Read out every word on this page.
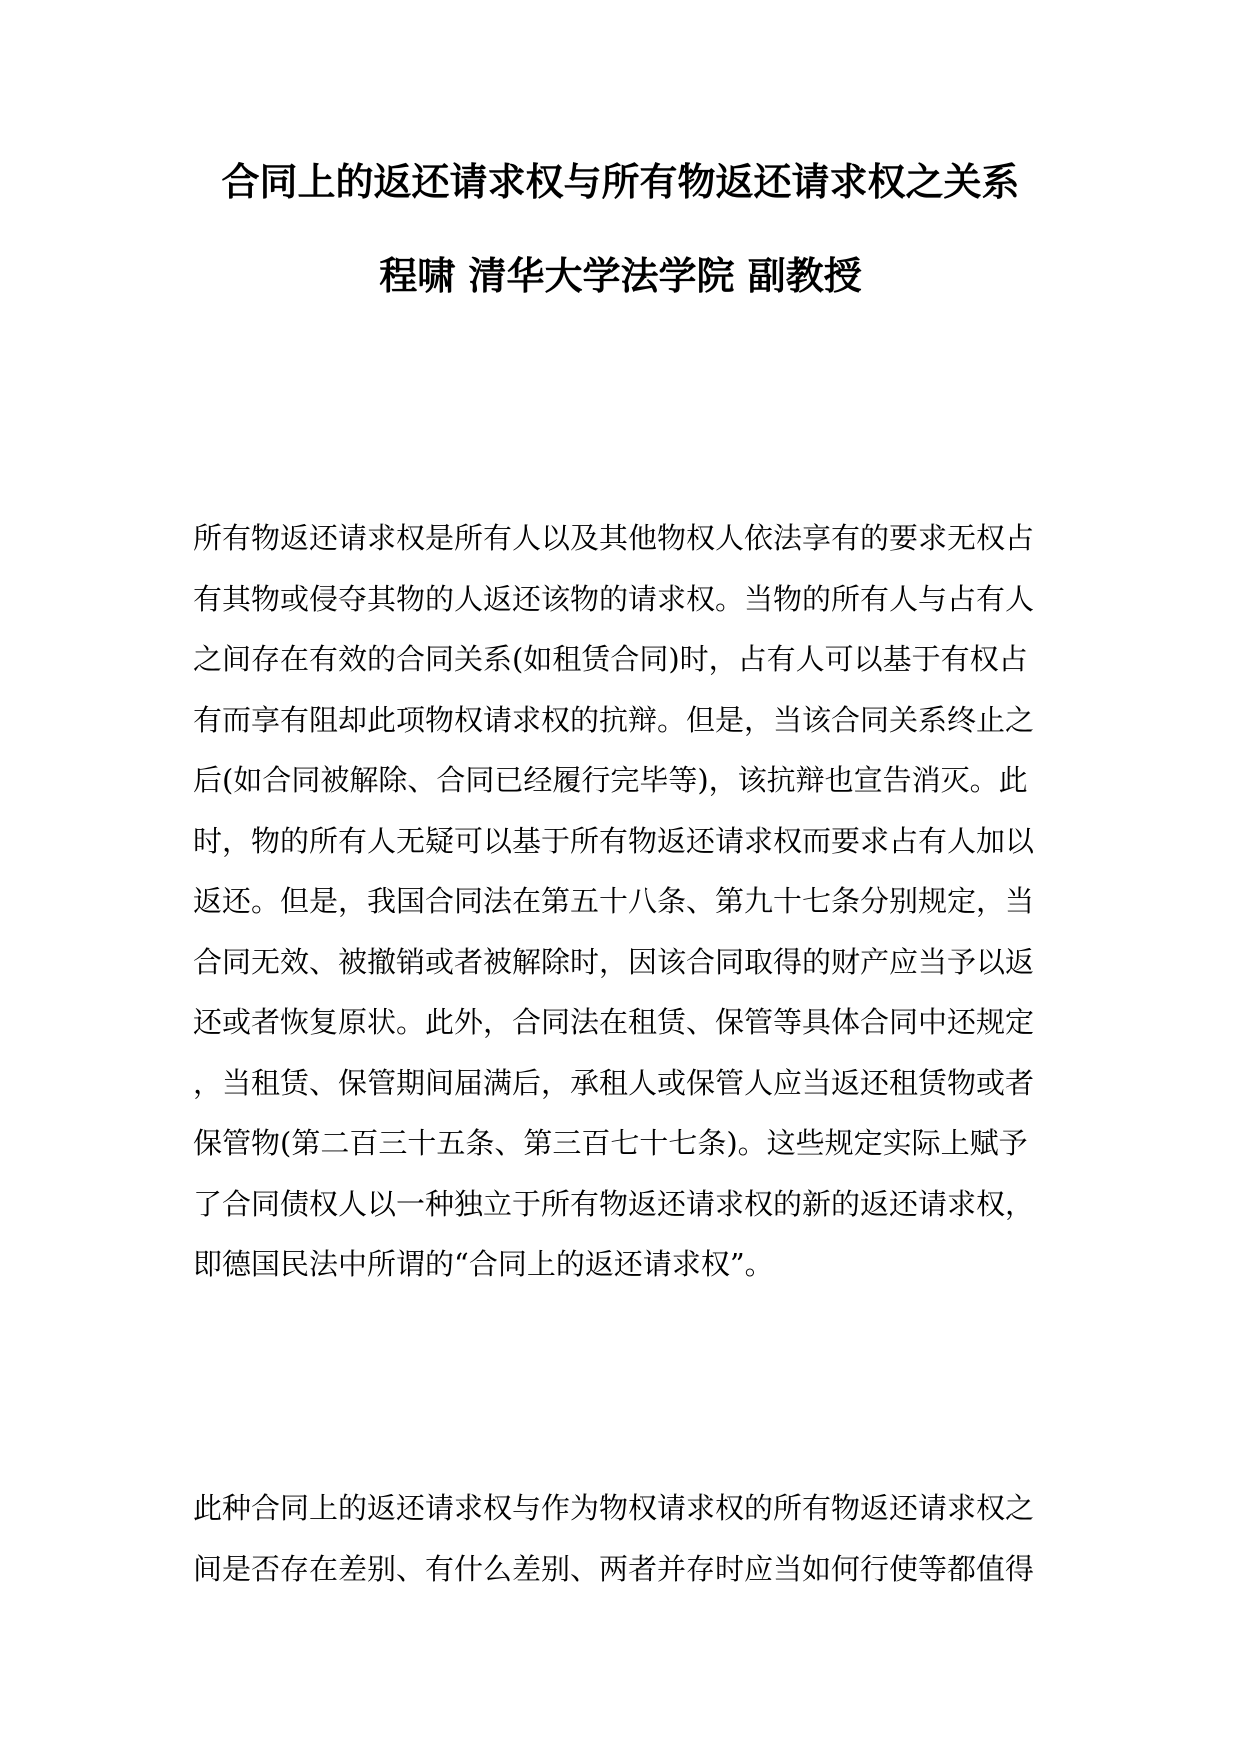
合同上的返还请求权与所有物返还请求权之关系
程啸 清华大学法学院 副教授

所有物返还请求权是所有人以及其他物权人依法享有的要求无权占
有其物或侵夺其物的人返还该物的请求权。当物的所有人与占有人
之间存在有效的合同关系(如租赁合同)时，占有人可以基于有权占
有而享有阻却此项物权请求权的抗辩。但是，当该合同关系终止之
后(如合同被解除、合同已经履行完毕等)，该抗辩也宣告消灭。此
时，物的所有人无疑可以基于所有物返还请求权而要求占有人加以
返还。但是，我国合同法在第五十八条、第九十七条分别规定，当
合同无效、被撤销或者被解除时，因该合同取得的财产应当予以返
还或者恢复原状。此外，合同法在租赁、保管等具体合同中还规定
，当租赁、保管期间届满后，承租人或保管人应当返还租赁物或者
保管物(第二百三十五条、第三百七十七条)。这些规定实际上赋予
了合同债权人以一种独立于所有物返还请求权的新的返还请求权，
即德国民法中所谓的“合同上的返还请求权”。

此种合同上的返还请求权与作为物权请求权的所有物返还请求权之
间是否存在差别、有什么差别、两者并存时应当如何行使等都值得
